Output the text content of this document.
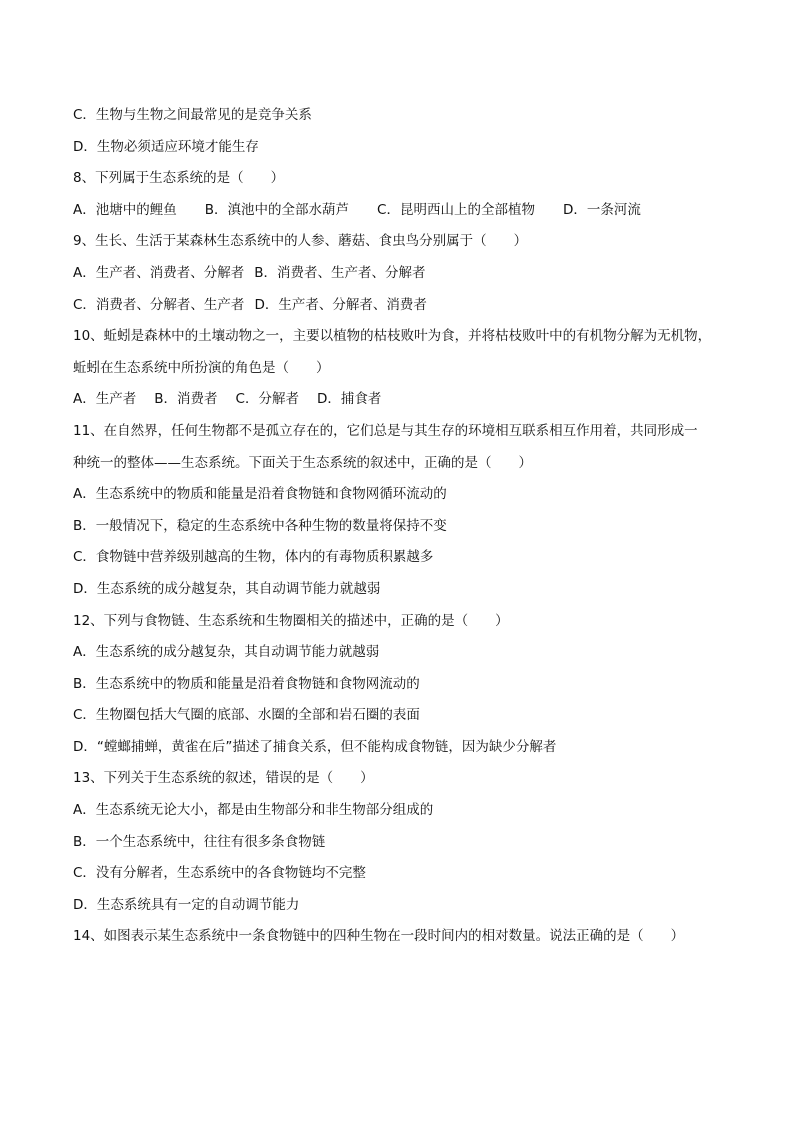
C．生物与生物之间最常见的是竞争关系
D．生物必须适应环境才能生存
8、下列属于生态系统的是（　　）
A．池塘中的鲤鱼 B．滇池中的全部水葫芦 C．昆明西山上的全部植物 D．一条河流
9、生长、生活于某森林生态系统中的人参、蘑菇、食虫鸟分别属于（　　）
A．生产者、消费者、分解者 B．消费者、生产者、分解者
C．消费者、分解者、生产者 D．生产者、分解者、消费者
10、蚯蚓是森林中的土壤动物之一，主要以植物的枯枝败叶为食，并将枯枝败叶中的有机物分解为无机物，
蚯蚓在生态系统中所扮演的角色是（　　）
A．生产者 B．消费者 C．分解者 D．捕食者
11、在自然界，任何生物都不是孤立存在的，它们总是与其生存的环境相互联系相互作用着，共同形成一
种统一的整体——生态系统。下面关于生态系统的叙述中，正确的是（　　）
A．生态系统中的物质和能量是沿着食物链和食物网循环流动的
B．一般情况下，稳定的生态系统中各种生物的数量将保持不变
C．食物链中营养级别越高的生物，体内的有毒物质积累越多
D．生态系统的成分越复杂，其自动调节能力就越弱
12、下列与食物链、生态系统和生物圈相关的描述中，正确的是（　　）
A．生态系统的成分越复杂，其自动调节能力就越弱
B．生态系统中的物质和能量是沿着食物链和食物网流动的
C．生物圈包括大气圈的底部、水圈的全部和岩石圈的表面
D．“螳螂捕蝉，黄雀在后”描述了捕食关系，但不能构成食物链，因为缺少分解者
13、下列关于生态系统的叙述，错误的是（　　）
A．生态系统无论大小，都是由生物部分和非生物部分组成的
B．一个生态系统中，往往有很多条食物链
C．没有分解者，生态系统中的各食物链均不完整
D．生态系统具有一定的自动调节能力
14、如图表示某生态系统中一条食物链中的四种生物在一段时间内的相对数量。说法正确的是（　　）
